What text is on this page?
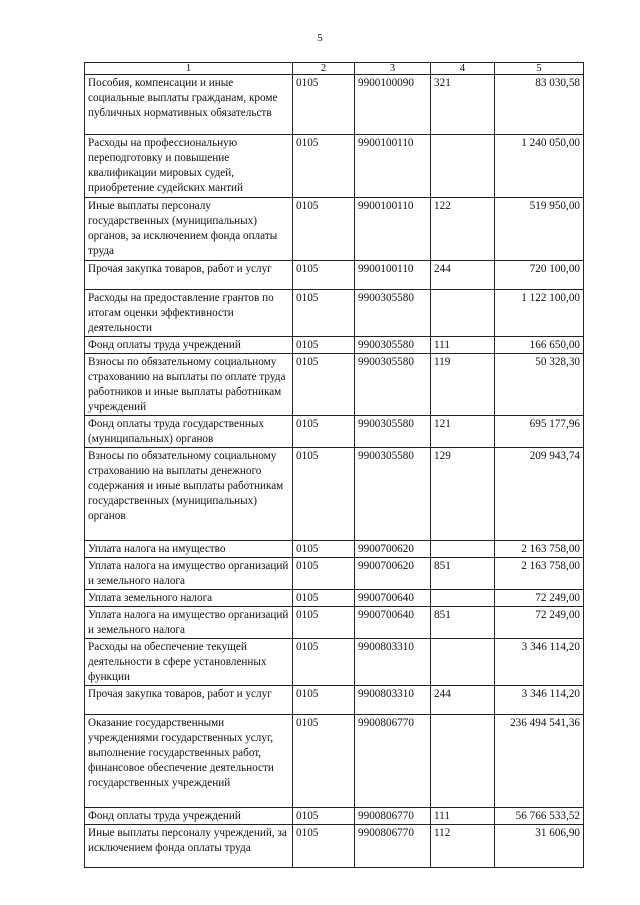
5
1	2	3	4	5
Пособия, компенсации и иные социальные выплаты гражданам, кроме публичных нормативных обязательств	0105	9900100090	321	83 030,58
Расходы на профессиональную переподготовку и повышение квалификации мировых судей, приобретение судейских мантий	0105	9900100110		1 240 050,00
Иные выплаты персоналу государственных (муниципальных) органов, за исключением фонда оплаты труда	0105	9900100110	122	519 950,00
Прочая закупка товаров, работ и услуг	0105	9900100110	244	720 100,00
Расходы на предоставление грантов по итогам оценки эффективности деятельности	0105	9900305580		1 122 100,00
Фонд оплаты труда учреждений	0105	9900305580	111	166 650,00
Взносы по обязательному социальному страхованию на выплаты по оплате труда работников и иные выплаты работникам учреждений	0105	9900305580	119	50 328,30
Фонд оплаты труда государственных (муниципальных) органов	0105	9900305580	121	695 177,96
Взносы по обязательному социальному страхованию на выплаты денежного содержания и иные выплаты работникам государственных (муниципальных) органов	0105	9900305580	129	209 943,74
Уплата налога на имущество	0105	9900700620		2 163 758,00
Уплата налога на имущество организаций и земельного налога	0105	9900700620	851	2 163 758,00
Уплата земельного налога	0105	9900700640		72 249,00
Уплата налога на имущество организаций и земельного налога	0105	9900700640	851	72 249,00
Расходы на обеспечение текущей деятельности в сфере установленных функции	0105	9900803310		3 346 114,20
Прочая закупка товаров, работ и услуг	0105	9900803310	244	3 346 114,20
Оказание государственными учреждениями государственных услуг, выполнение государственных работ, финансовое обеспечение деятельности государственных учреждений	0105	9900806770		236 494 541,36
Фонд оплаты труда учреждений	0105	9900806770	111	56 766 533,52
Иные выплаты персоналу учреждений, за исключением фонда оплаты труда	0105	9900806770	112	31 606,90
